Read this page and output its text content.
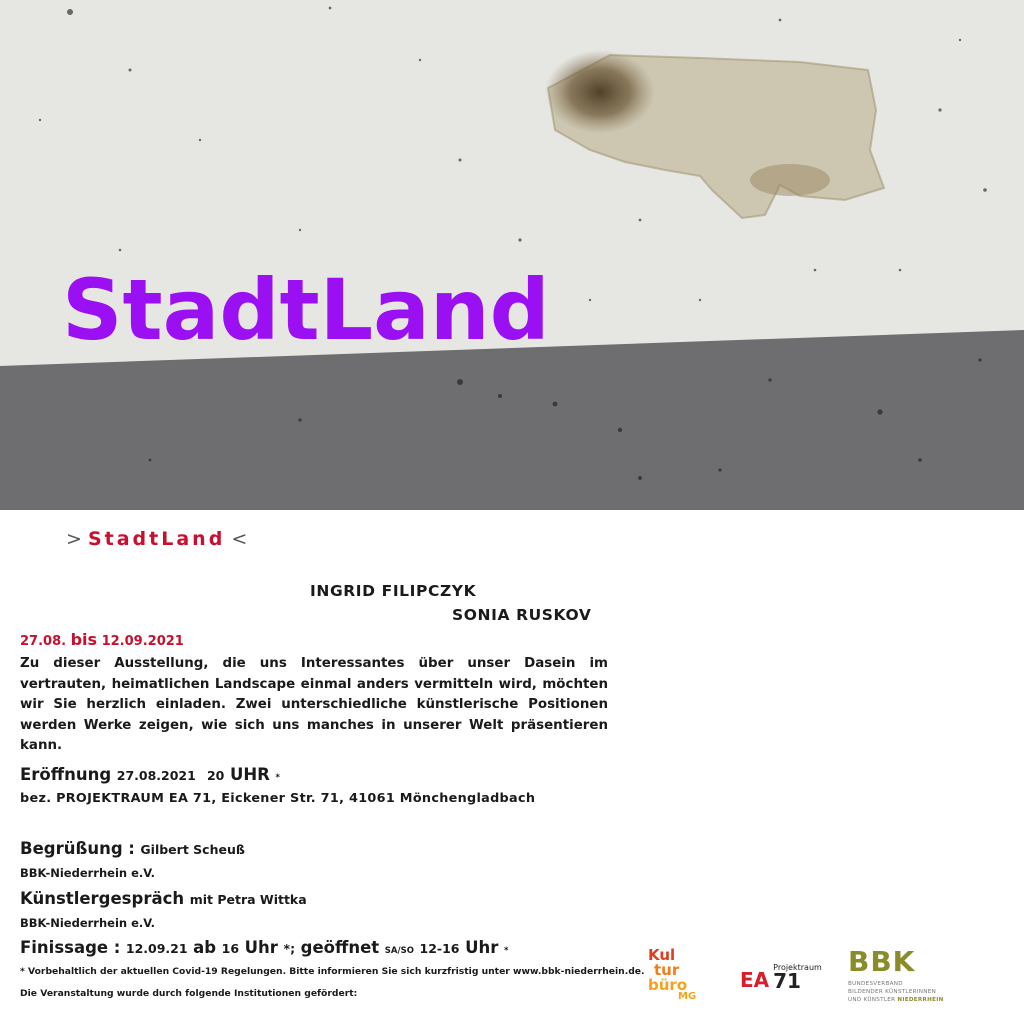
StadtLand
> StadtLand <
INGRID FILIPCZYK
SONIA RUSKOV
27.08. bis 12.09.2021
Zu dieser Ausstellung, die uns Interessantes über unser Dasein im vertrauten, heimatlichen Landscape einmal anders vermitteln wird, möchten wir Sie herzlich einladen. Zwei unterschiedliche künstlerische Positionen werden Werke zeigen, wie sich uns manches in unserer Welt präsentieren kann.
Eröffnung 27.08.2021 20 UHR *
bez. PROJEKTRAUM EA 71, Eickener Str. 71, 41061 Mönchengladbach
Begrüßung : Gilbert Scheuß
BBK-Niederrhein e.V.
Künstlergespräch mit Petra Wittka
BBK-Niederrhein e.V.
Finissage : 12.09.21 ab 16 Uhr *; geöffnet SA/SO 12-16 Uhr *
* Vorbehaltlich der aktuellen Covid-19 Regelungen. Bitte informieren Sie sich kurzfristig unter www.bbk-niederrhein.de.
Die Veranstaltung wurde durch folgende Institutionen gefördert:
Kul
tur
büro
MG
EA
Projektraum
71
BBK
BUNDESVERBAND
BILDENDER KÜNSTLERINNEN
UND KÜNSTLER NIEDERRHEIN
